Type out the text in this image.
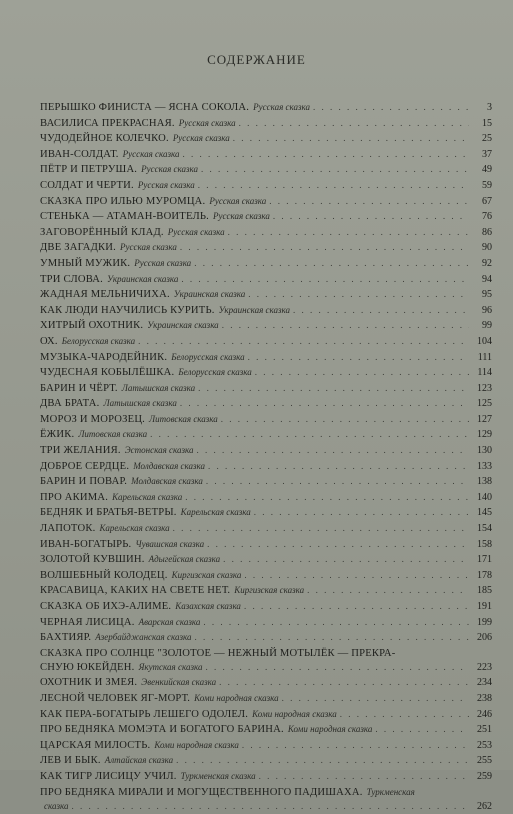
СОДЕРЖАНИЕ
ПЕРЫШКО ФИНИСТА — ЯСНА СОКОЛА. Русская сказка . . .	3
ВАСИЛИСА ПРЕКРАСНАЯ. Русская сказка . . .	15
ЧУДОДЕЙНОЕ КОЛЕЧКО. Русская сказка . . .	25
ИВАН-СОЛДАТ. Русская сказка . . .	37
ПЁТР И ПЕТРУША. Русская сказка . . .	49
СОЛДАТ И ЧЕРТИ. Русская сказка . . .	59
СКАЗКА ПРО ИЛЬЮ МУРОМЦА. Русская сказка . . .	67
СТЕНЬКА — АТАМАН-ВОИТЕЛЬ. Русская сказка . . .	76
ЗАГОВОРЁННЫЙ КЛАД. Русская сказка . . .	86
ДВЕ ЗАГАДКИ. Русская сказка . . .	90
УМНЫЙ МУЖИК. Русская сказка . . .	92
ТРИ СЛОВА. Украинская сказка . . .	94
ЖАДНАЯ МЕЛЬНИЧИХА. Украинская сказка . . .	95
КАК ЛЮДИ НАУЧИЛИСЬ КУРИТЬ. Украинская сказка . . .	96
ХИТРЫЙ ОХОТНИК. Украинская сказка . . .	99
ОХ. Белорусская сказка . . .	104
МУЗЫКА-ЧАРОДЕЙНИК. Белорусская сказка . . .	111
ЧУДЕСНАЯ КОБЫЛЁШКА. Белорусская сказка . . .	114
БАРИН И ЧЁРТ. Латышская сказка . . .	123
ДВА БРАТА. Латышская сказка . . .	125
МОРОЗ И МОРОЗЕЦ. Литовская сказка . . .	127
ЁЖИК. Литовская сказка . . .	129
ТРИ ЖЕЛАНИЯ. Эстонская сказка . . .	130
ДОБРОЕ СЕРДЦЕ. Молдавская сказка . . .	133
БАРИН И ПОВАР. Молдавская сказка . . .	138
ПРО АКИМА. Карельская сказка . . .	140
БЕДНЯК И БРАТЬЯ-ВЕТРЫ. Карельская сказка . . .	145
ЛАПОТОК. Карельская сказка . . .	154
ИВАН-БОГАТЫРЬ. Чувашская сказка . . .	158
ЗОЛОТОЙ КУВШИН. Адыгейская сказка . . .	171
ВОЛШЕБНЫЙ КОЛОДЕЦ. Киргизская сказка . . .	178
КРАСАВИЦА, КАКИХ НА СВЕТЕ НЕТ. Киргизская сказка . . .	185
СКАЗКА ОБ ИХЭ-АЛИМЕ. Казахская сказка . . .	191
ЧЕРНАЯ ЛИСИЦА. Аварская сказка . . .	199
БАХТИЯР. Азербайджанская сказка . . .	206
СКАЗКА ПРО СОЛНЦЕ "ЗОЛОТОЕ — НЕЖНЫЙ МОТЫЛЁК — ПРЕКРА-
СНУЮ ЮКЕЙДЕН. Якутская сказка . . .	223
ОХОТНИК И ЗМЕЯ. Эвенкийская сказка . . .	234
ЛЕСНОЙ ЧЕЛОВЕК ЯГ-МОРТ. Коми народная сказка . . .	238
КАК ПЕРА-БОГАТЫРЬ ЛЕШЕГО ОДОЛЕЛ. Коми народная сказка . . .	246
ПРО БЕДНЯКА МОМЭТА И БОГАТОГО БАРИНА. Коми народная сказка . . .	251
ЦАРСКАЯ МИЛОСТЬ. Коми народная сказка . . .	253
ЛЕВ И БЫК. Алтайская сказка . . .	255
КАК ТИГР ЛИСИЦУ УЧИЛ. Туркменская сказка . . .	259
ПРО БЕДНЯКА МИРАЛИ И МОГУЩЕСТВЕННОГО ПАДИШАХА. Туркменская
сказка . . .	262
